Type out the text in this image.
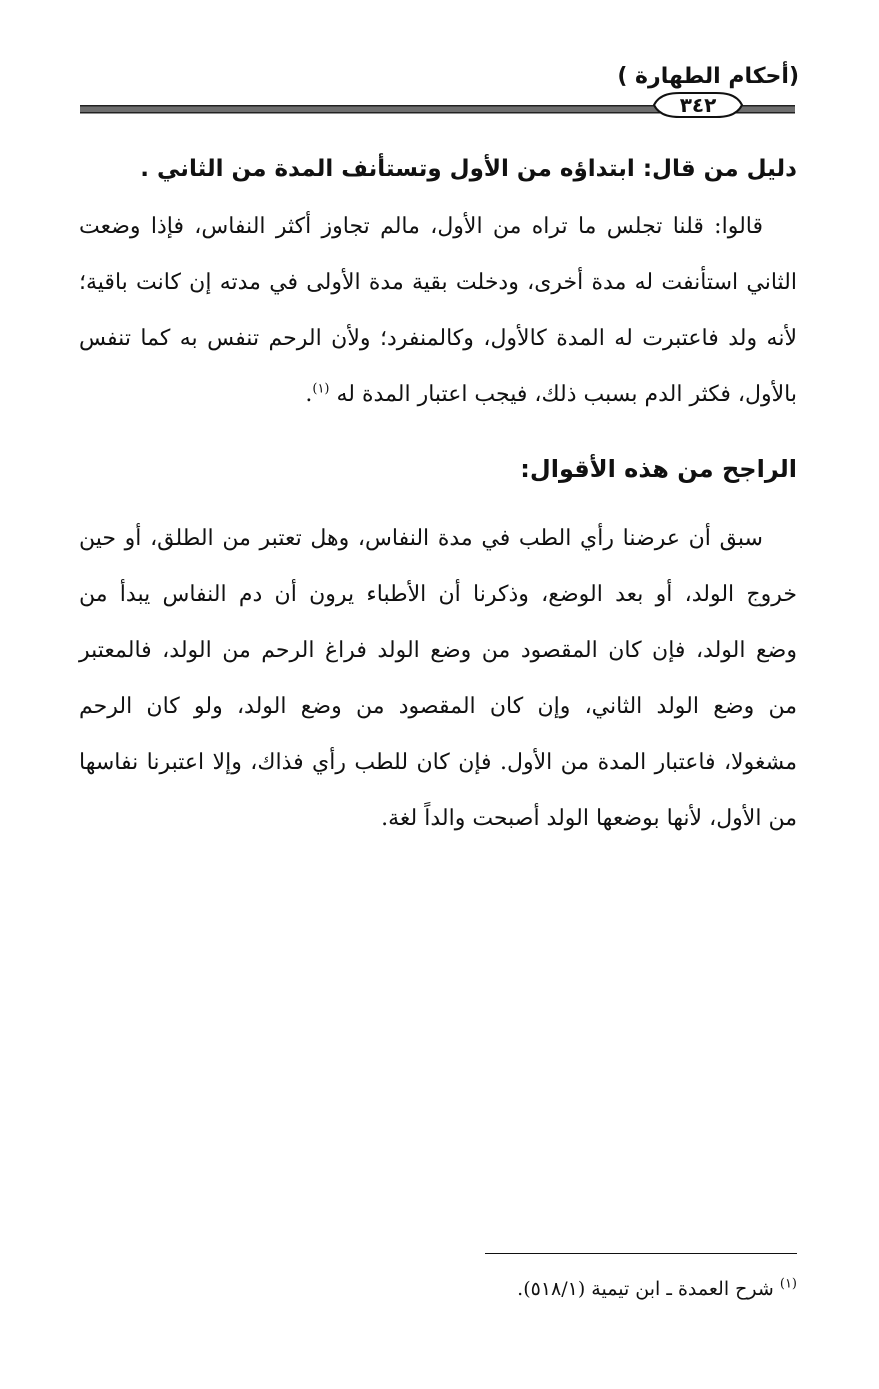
(أحكام الطهارة )
٣٤٢
دليل من قال: ابتداؤه من الأول وتستأنف المدة من الثاني .
قالوا: قلنا تجلس ما تراه من الأول، مالم تجاوز أكثر النفاس، فإذا وضعت
الثاني استأنفت له مدة أخرى، ودخلت بقية مدة الأولى في مدته إن كانت باقية؛
لأنه ولد فاعتبرت له المدة كالأول، وكالمنفرد؛ ولأن الرحم تنفس به كما تنفس
بالأول، فكثر الدم بسبب ذلك، فيجب اعتبار المدة له $^{(١)}$.
الراجح من هذه الأقوال:
سبق أن عرضنا رأي الطب في مدة النفاس، وهل تعتبر من الطلق، أو حين
خروج الولد، أو بعد الوضع، وذكرنا أن الأطباء يرون أن دم النفاس يبدأ من
وضع الولد، فإن كان المقصود من وضع الولد فراغ الرحم من الولد، فالمعتبر
من وضع الولد الثاني، وإن كان المقصود من وضع الولد، ولو كان الرحم
مشغولا، فاعتبار المدة من الأول. فإن كان للطب رأي فذاك، وإلا اعتبرنا نفاسها
من الأول، لأنها بوضعها الولد أصبحت والداً لغة.
$^{(١)}$ شرح العمدة ـ ابن تيمية (٥١٨/١).
